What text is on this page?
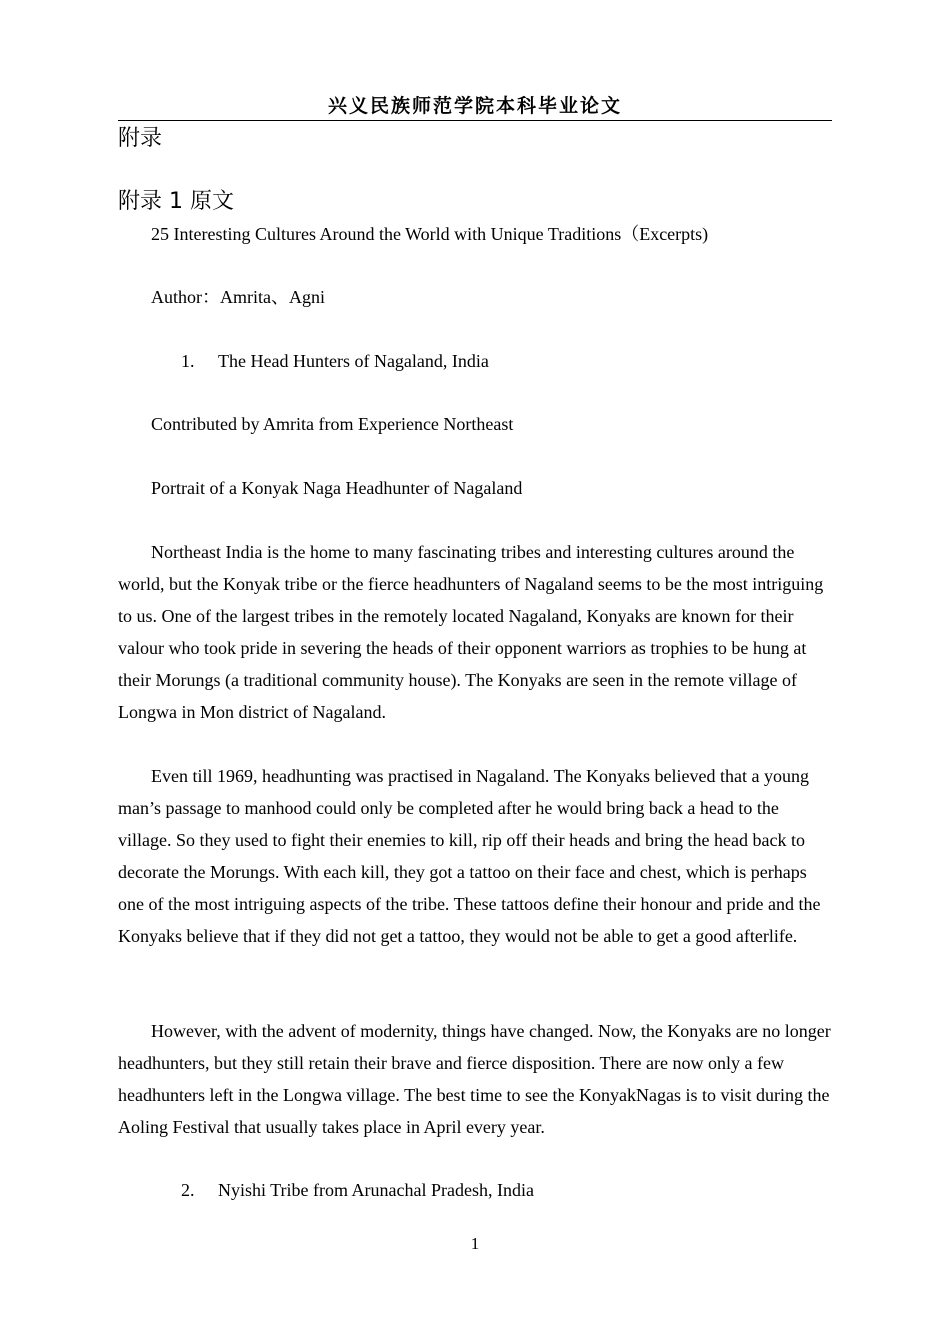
兴义民族师范学院本科毕业论文
附录
附录 1 原文
25 Interesting Cultures Around the World with Unique Traditions（Excerpts)
Author：Amrita、Agni
1. The Head Hunters of Nagaland, India
Contributed by Amrita from Experience Northeast
Portrait of a Konyak Naga Headhunter of Nagaland

Northeast India is the home to many fascinating tribes and interesting cultures around the world, but the Konyak tribe or the fierce headhunters of Nagaland seems to be the most intriguing to us. One of the largest tribes in the remotely located Nagaland, Konyaks are known for their valour who took pride in severing the heads of their opponent warriors as trophies to be hung at their Morungs (a traditional community house). The Konyaks are seen in the remote village of Longwa in Mon district of Nagaland.

Even till 1969, headhunting was practised in Nagaland. The Konyaks believed that a young man’s passage to manhood could only be completed after he would bring back a head to the village. So they used to fight their enemies to kill, rip off their heads and bring the head back to decorate the Morungs. With each kill, they got a tattoo on their face and chest, which is perhaps one of the most intriguing aspects of the tribe. These tattoos define their honour and pride and the Konyaks believe that if they did not get a tattoo, they would not be able to get a good afterlife.

However, with the advent of modernity, things have changed. Now, the Konyaks are no longer headhunters, but they still retain their brave and fierce disposition. There are now only a few headhunters left in the Longwa village. The best time to see the KonyakNagas is to visit during the Aoling Festival that usually takes place in April every year.

2. Nyishi Tribe from Arunachal Pradesh, India
1
